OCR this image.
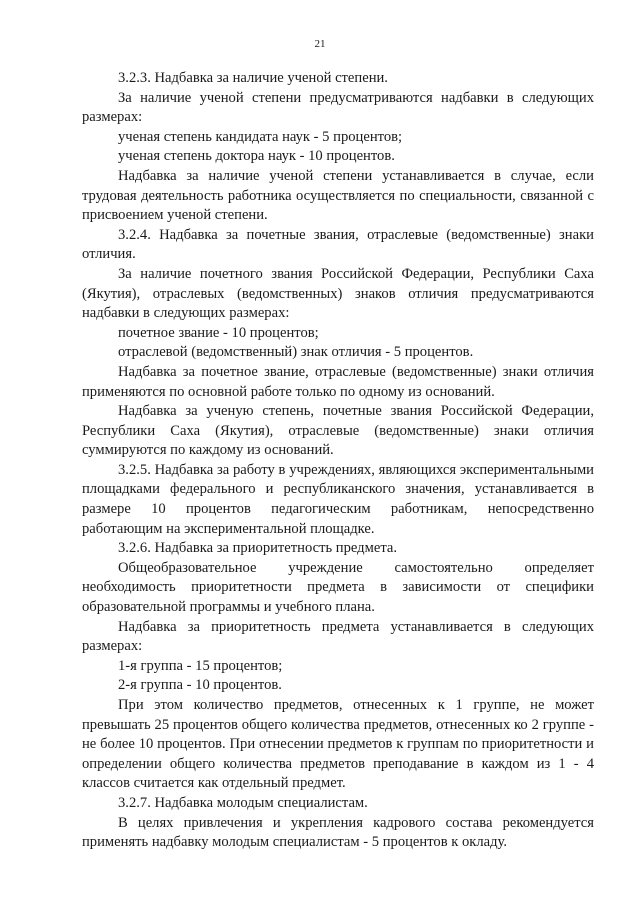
21

3.2.3. Надбавка за наличие ученой степени.

За наличие ученой степени предусматриваются надбавки в следующих размерах:

ученая степень кандидата наук - 5 процентов;

ученая степень доктора наук - 10 процентов.

Надбавка за наличие ученой степени устанавливается в случае, если трудовая деятельность работника осуществляется по специальности, связанной с присвоением ученой степени.

3.2.4. Надбавка за почетные звания, отраслевые (ведомственные) знаки отличия.

За наличие почетного звания Российской Федерации, Республики Саха (Якутия), отраслевых (ведомственных) знаков отличия предусматриваются надбавки в следующих размерах:

почетное звание - 10 процентов;

отраслевой (ведомственный) знак отличия - 5 процентов.

Надбавка за почетное звание, отраслевые (ведомственные) знаки отличия применяются по основной работе только по одному из оснований.

Надбавка за ученую степень, почетные звания Российской Федерации, Республики Саха (Якутия), отраслевые (ведомственные) знаки отличия суммируются по каждому из оснований.

3.2.5. Надбавка за работу в учреждениях, являющихся экспериментальными площадками федерального и республиканского значения, устанавливается в размере 10 процентов педагогическим работникам, непосредственно работающим на экспериментальной площадке.

3.2.6. Надбавка за приоритетность предмета.

Общеобразовательное учреждение самостоятельно определяет необходимость приоритетности предмета в зависимости от специфики образовательной программы и учебного плана.

Надбавка за приоритетность предмета устанавливается в следующих размерах:

1-я группа - 15 процентов;

2-я группа - 10 процентов.

При этом количество предметов, отнесенных к 1 группе, не может превышать 25 процентов общего количества предметов, отнесенных ко 2 группе - не более 10 процентов. При отнесении предметов к группам по приоритетности и определении общего количества предметов преподавание в каждом из 1 - 4 классов считается как отдельный предмет.

3.2.7. Надбавка молодым специалистам.

В целях привлечения и укрепления кадрового состава рекомендуется применять надбавку молодым специалистам - 5 процентов к окладу.
